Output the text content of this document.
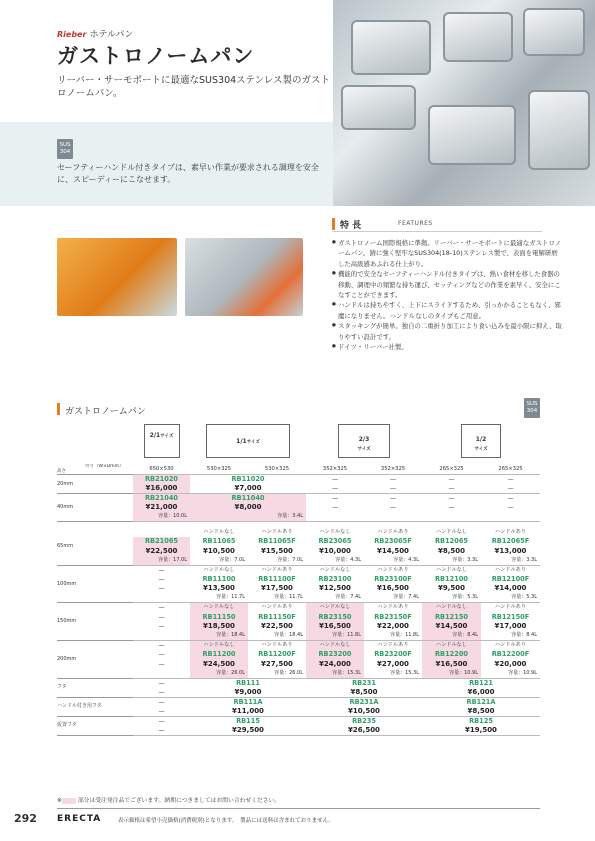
Rieber ホテルパン
ガストロノームパン
リーバー・サーモボートに最適なSUS304ステンレス製のガストロノームパン。
SUS 304
セーフティーハンドル付きタイプは、素早い作業が要求される調理を安全に、スピーディーにこなせます。
特 長	FEATURES
● ガストロノーム国際規格に準拠。リーバー・サーモボートに最適なガストロノームパン。錆に強く堅牢なSUS304(18-10)ステンレス製で、表面を電解研磨した高級感あふれる仕上がり。
● 機能的で安全なセーフティーハンドル付きタイプは、熱い食材を移した食器の移動、調理中の頻繁な持ち運び、セッティングなどの作業を素早く、安全にこなすことができます。
● ハンドルは持ちやすく、上下にスライドするため、引っかかることもなく、邪魔になりません。ハンドルなしのタイプもご用意。
● スタッキングが簡単。独自の二重折り加工により食い込みを最小限に抑え、取りやすい設計です。
● ドイツ・リーバー社製。
ガストロノームパン
SUS 304
	2/1サイズ	1/1サイズ		2/3
サイズ		1/2
サイズ	
外寸（W×Dmm）
高さ	650×530	530×325	530×325	352×325	352×325	265×325	265×325
20mm	RB21020	RB11020		—	—	—	—
	¥16,000	¥7,000		—	—	—	—
40mm	RB21040	RB11040		—	—	—	—
	¥21,000	¥8,000		—	—	—	—
	容量：10.0L	容量：3.4L					
65mm		ハンドルなし	ハンドルあり	ハンドルなし	ハンドルあり	ハンドルなし	ハンドルあり
	RB21065	RB11065	RB11065F	RB23065	RB23065F	RB12065	RB12065F
	¥22,500	¥10,500	¥15,500	¥10,000	¥14,500	¥8,500	¥13,000
	容量：17.0L	容量：7.0L	容量：7.0L	容量：4.3L	容量：4.3L	容量：3.3L	容量：3.3L
100mm	—	ハンドルなし	ハンドルあり	ハンドルなし	ハンドルあり	ハンドルなし	ハンドルあり
	—	RB11100	RB11100F	RB23100	RB23100F	RB12100	RB12100F
	—	¥13,500	¥17,500	¥12,500	¥16,500	¥9,500	¥14,000
		容量：11.7L	容量：11.7L	容量：7.4L	容量：7.4L	容量：5.3L	容量：5.3L
150mm	—	ハンドルなし	ハンドルあり	ハンドルなし	ハンドルあり	ハンドルなし	ハンドルあり
	—	RB11150	RB11150F	RB23150	RB23150F	RB12150	RB12150F
	—	¥18,500	¥22,500	¥16,500	¥22,000	¥14,500	¥17,000
		容量：18.4L	容量：18.4L	容量：11.8L	容量：11.8L	容量：8.4L	容量：8.4L
200mm	—	ハンドルなし	ハンドルあり	ハンドルなし	ハンドルあり	ハンドルなし	ハンドルあり
	—	RB11200	RB11200F	RB23200	RB23200F	RB12200	RB12200F
	—	¥24,500	¥27,500	¥24,000	¥27,000	¥16,500	¥20,000
		容量：26.0L	容量：26.0L	容量：15.3L	容量：15.3L	容量：10.9L	容量：10.9L
フタ	—	RB111		RB231		RB121	
	—	¥9,000		¥8,500		¥6,000	
ハンドル付き用フタ	—	RB111A		RB231A		RB121A	
	—	¥11,000		¥10,500		¥8,500	
仮置フタ	—	RB115		RB235		RB125	
	—	¥29,500		¥26,500		¥19,500	
※	部分は受注発注品でございます。納期につきましてはお問い合わせください。
292 ERECTA	表示価格は希望小売価格(消費税別)となります。　製品には送料は含まれておりません。
